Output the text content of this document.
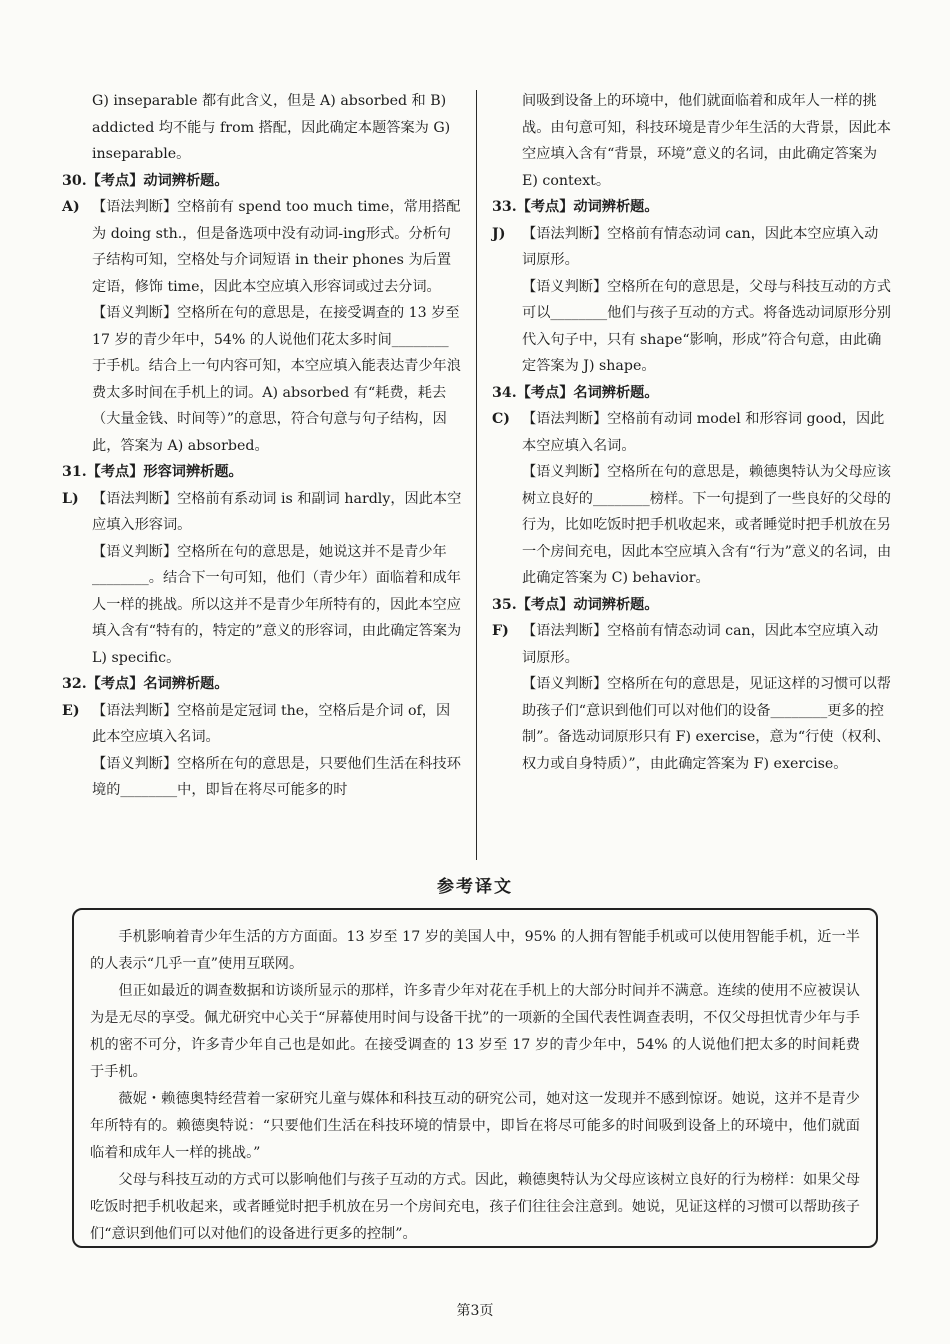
G) inseparable 都有此含义，但是 A) absorbed 和 B) addicted 均不能与 from 搭配，因此确定本题答案为 G) inseparable。
30.【考点】动词辨析题。
A) 【语法判断】空格前有 spend too much time，常用搭配为 doing sth.，但是备选项中没有动词-ing形式。分析句子结构可知，空格处与介词短语 in their phones 为后置定语，修饰 time，因此本空应填入形容词或过去分词。
【语义判断】空格所在句的意思是，在接受调查的 13 岁至 17 岁的青少年中，54% 的人说他们花太多时间________于手机。结合上一句内容可知，本空应填入能表达青少年浪费太多时间在手机上的词。A) absorbed 有“耗费，耗去（大量金钱、时间等）”的意思，符合句意与句子结构，因此，答案为 A) absorbed。
31.【考点】形容词辨析题。
L) 【语法判断】空格前有系动词 is 和副词 hardly，因此本空应填入形容词。
【语义判断】空格所在句的意思是，她说这并不是青少年________。结合下一句可知，他们（青少年）面临着和成年人一样的挑战。所以这并不是青少年所特有的，因此本空应填入含有“特有的，特定的”意义的形容词，由此确定答案为 L) specific。
32.【考点】名词辨析题。
E) 【语法判断】空格前是定冠词 the，空格后是介词 of，因此本空应填入名词。
【语义判断】空格所在句的意思是，只要他们生活在科技环境的________中，即旨在将尽可能多的时
间吸到设备上的环境中，他们就面临着和成年人一样的挑战。由句意可知，科技环境是青少年生活的大背景，因此本空应填入含有“背景，环境”意义的名词，由此确定答案为 E) context。
33.【考点】动词辨析题。
J) 【语法判断】空格前有情态动词 can，因此本空应填入动词原形。
【语义判断】空格所在句的意思是，父母与科技互动的方式可以________他们与孩子互动的方式。将备选动词原形分别代入句子中，只有 shape“影响，形成”符合句意，由此确定答案为 J) shape。
34.【考点】名词辨析题。
C) 【语法判断】空格前有动词 model 和形容词 good，因此本空应填入名词。
【语义判断】空格所在句的意思是，赖德奥特认为父母应该树立良好的________榜样。下一句提到了一些良好的父母的行为，比如吃饭时把手机收起来，或者睡觉时把手机放在另一个房间充电，因此本空应填入含有“行为”意义的名词，由此确定答案为 C) behavior。
35.【考点】动词辨析题。
F) 【语法判断】空格前有情态动词 can，因此本空应填入动词原形。
【语义判断】空格所在句的意思是，见证这样的习惯可以帮助孩子们“意识到他们可以对他们的设备________更多的控制”。备选动词原形只有 F) exercise，意为“行使（权利、权力或自身特质）”，由此确定答案为 F) exercise。
参考译文

手机影响着青少年生活的方方面面。13 岁至 17 岁的美国人中，95% 的人拥有智能手机或可以使用智能手机，近一半的人表示“几乎一直”使用互联网。

但正如最近的调查数据和访谈所显示的那样，许多青少年对花在手机上的大部分时间并不满意。连续的使用不应被误认为是无尽的享受。佩尤研究中心关于“屏幕使用时间与设备干扰”的一项新的全国代表性调查表明，不仅父母担忧青少年与手机的密不可分，许多青少年自己也是如此。在接受调查的 13 岁至 17 岁的青少年中，54% 的人说他们把太多的时间耗费于手机。

薇妮・赖德奥特经营着一家研究儿童与媒体和科技互动的研究公司，她对这一发现并不感到惊讶。她说，这并不是青少年所特有的。赖德奥特说：“只要他们生活在科技环境的情景中，即旨在将尽可能多的时间吸到设备上的环境中，他们就面临着和成年人一样的挑战。”

父母与科技互动的方式可以影响他们与孩子互动的方式。因此，赖德奥特认为父母应该树立良好的行为榜样：如果父母吃饭时把手机收起来，或者睡觉时把手机放在另一个房间充电，孩子们往往会注意到。她说，见证这样的习惯可以帮助孩子们“意识到他们可以对他们的设备进行更多的控制”。

第3页
